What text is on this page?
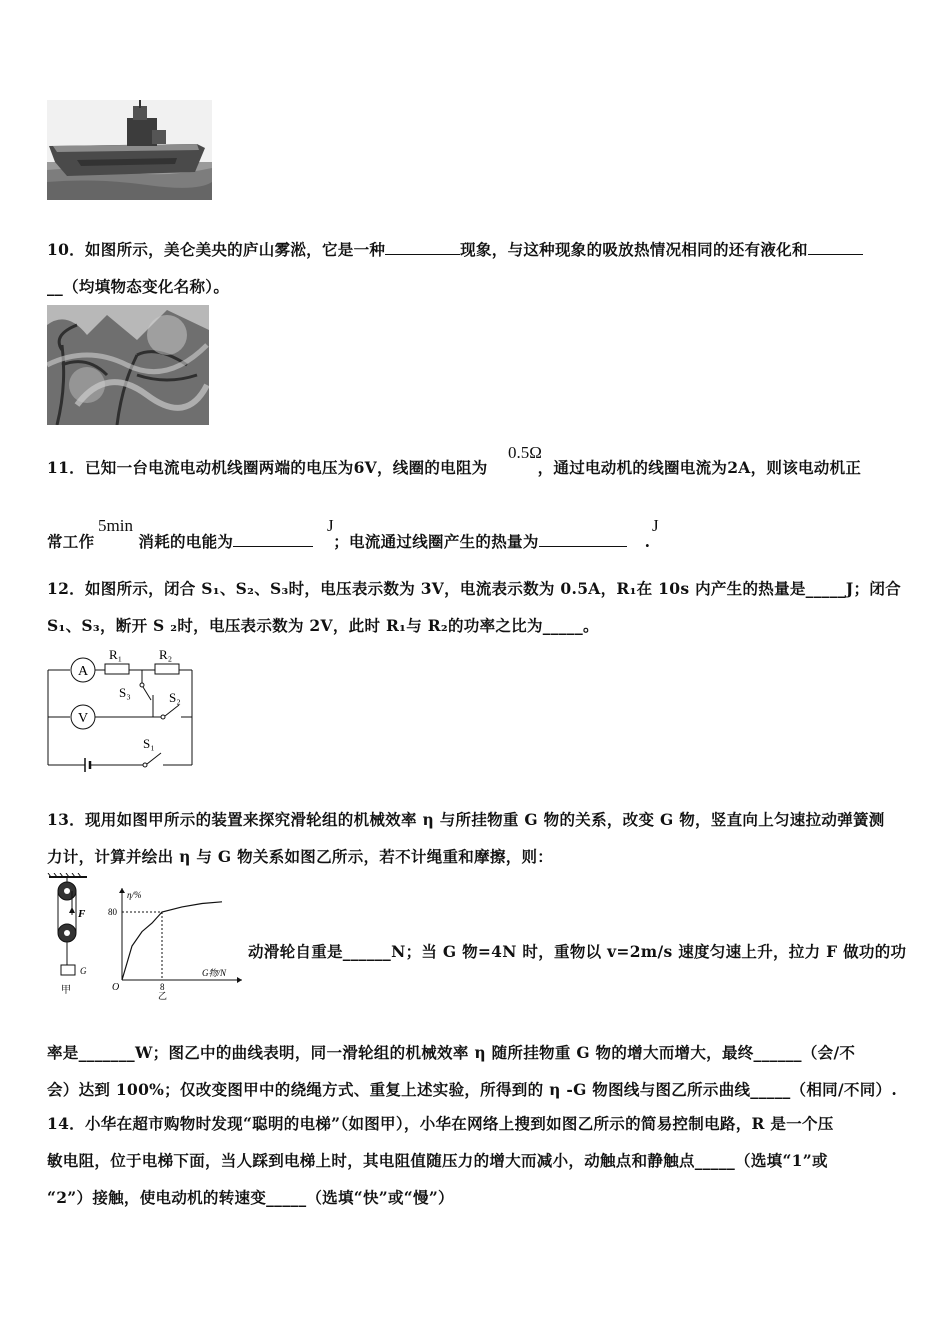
10．如图所示，美仑美央的庐山雾淞，它是一种	现象，与这种现象的吸放热情况相同的还有液化和
__（均填物态变化名称）。
0.5Ω
11．已知一台电流电动机线圈两端的电压为6V，线圈的电阻为	，通过电动机的线圈电流为2A，则该电动机正
5min	J	J
常工作	消耗的电能为	；电流通过线圈产生的热量为	.
12．如图所示，闭合 S₁、S₂、S₃时，电压表示数为 3V，电流表示数为 0.5A，R₁在 10s 内产生的热量是_____J；闭合
S₁、S₃，断开 S ₂时，电压表示数为 2V，此时 R₁与 R₂的功率之比为_____。
A
R₁	R₂
S₃
V
S₂
S₁
13．现用如图甲所示的装置来探究滑轮组的机械效率 η 与所挂物重 G 物的关系，改变 G 物，竖直向上匀速拉动弹簧测
力计，计算并绘出 η 与 G 物关系如图乙所示，若不计绳重和摩擦，则：
F
G
甲
η/%
G物/N
O
80
8
乙
动滑轮自重是______N；当 G 物=4N 时，重物以 v=2m/s 速度匀速上升，拉力 F 做功的功
率是_______W；图乙中的曲线表明，同一滑轮组的机械效率 η 随所挂物重 G 物的增大而增大，最终______（会/不
会）达到 100%；仅改变图甲中的绕绳方式、重复上述实验，所得到的 η -G 物图线与图乙所示曲线_____（相同/不同）.
14．小华在超市购物时发现“聪明的电梯”（如图甲），小华在网络上搜到如图乙所示的简易控制电路，R 是一个压
敏电阻，位于电梯下面，当人踩到电梯上时，其电阻值随压力的增大而减小，动触点和静触点_____（选填“1”或
“2”）接触，使电动机的转速变_____（选填“快”或“慢”）
